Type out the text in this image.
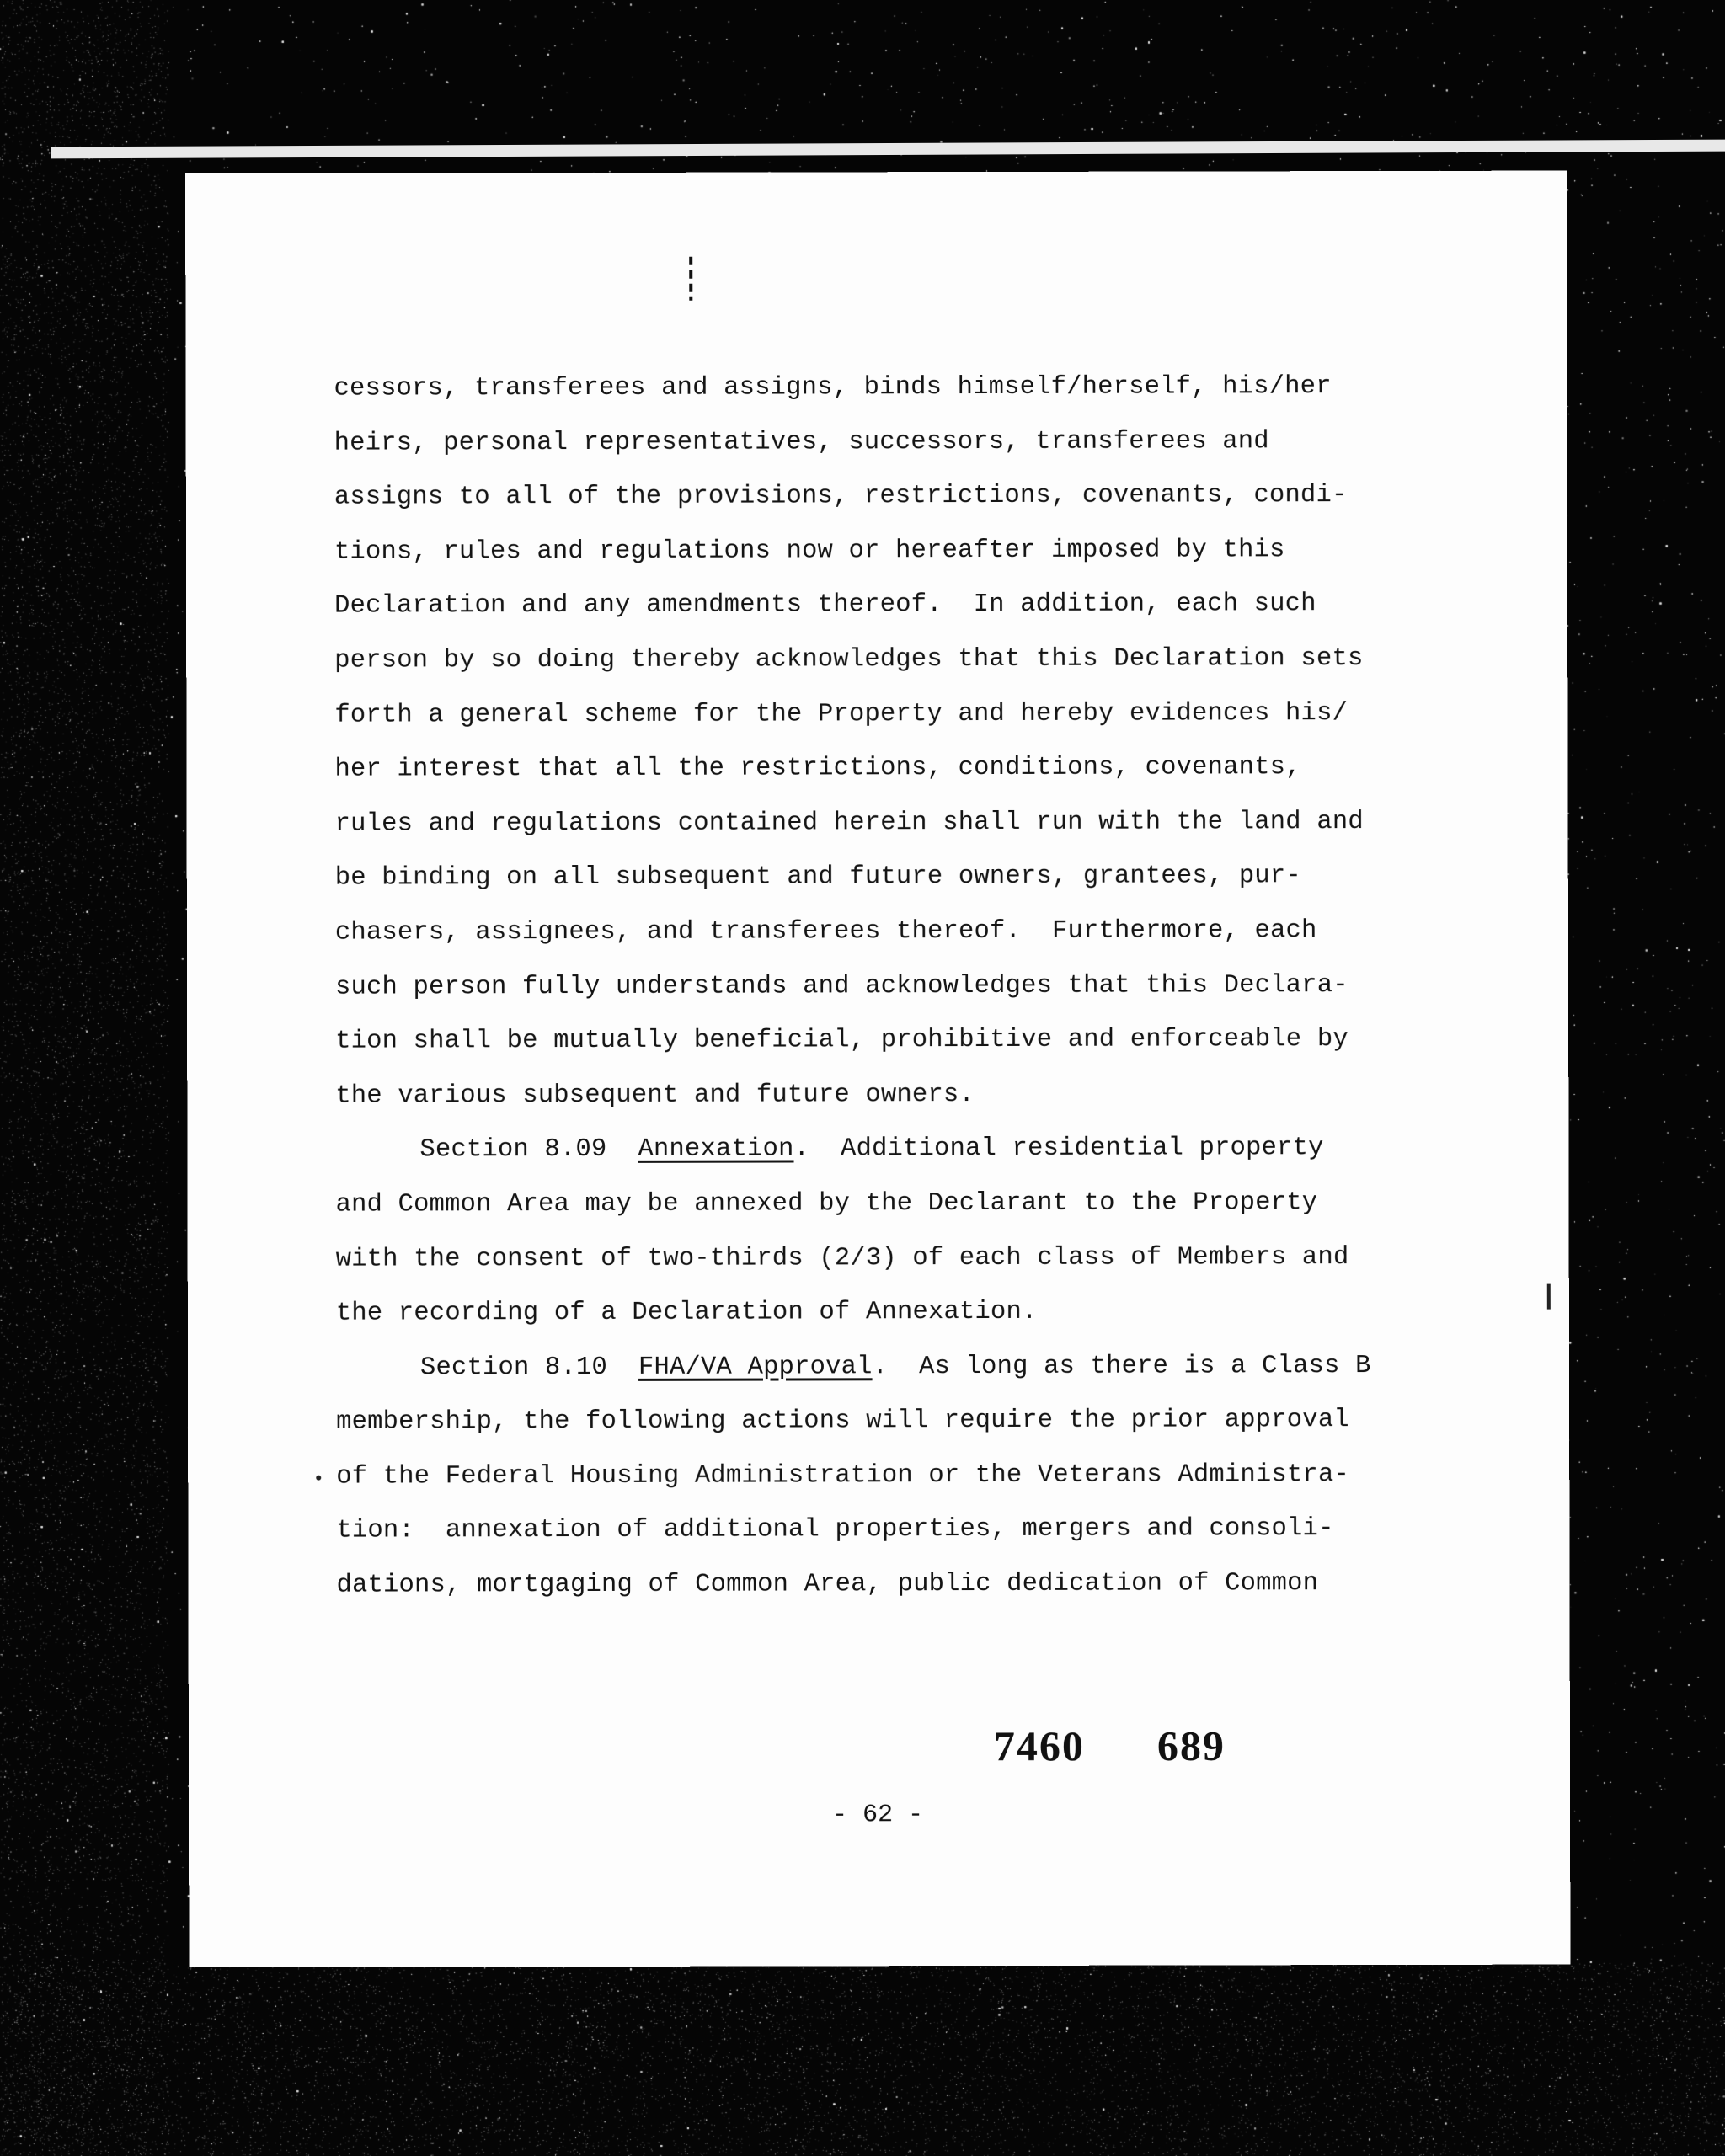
cessors, transferees and assigns, binds himself/herself, his/her
heirs, personal representatives, successors, transferees and
assigns to all of the provisions, restrictions, covenants, condi-
tions, rules and regulations now or hereafter imposed by this
Declaration and any amendments thereof.  In addition, each such
person by so doing thereby acknowledges that this Declaration sets
forth a general scheme for the Property and hereby evidences his/
her interest that all the restrictions, conditions, covenants,
rules and regulations contained herein shall run with the land and
be binding on all subsequent and future owners, grantees, pur-
chasers, assignees, and transferees thereof.  Furthermore, each
such person fully understands and acknowledges that this Declara-
tion shall be mutually beneficial, prohibitive and enforceable by
the various subsequent and future owners.
Section 8.09  Annexation.  Additional residential property
and Common Area may be annexed by the Declarant to the Property
with the consent of two-thirds (2/3) of each class of Members and
the recording of a Declaration of Annexation.
Section 8.10  FHA/VA Approval.  As long as there is a Class B
membership, the following actions will require the prior approval
of the Federal Housing Administration or the Veterans Administra-
tion:  annexation of additional properties, mergers and consoli-
dations, mortgaging of Common Area, public dedication of Common
7460 689
- 62 -
